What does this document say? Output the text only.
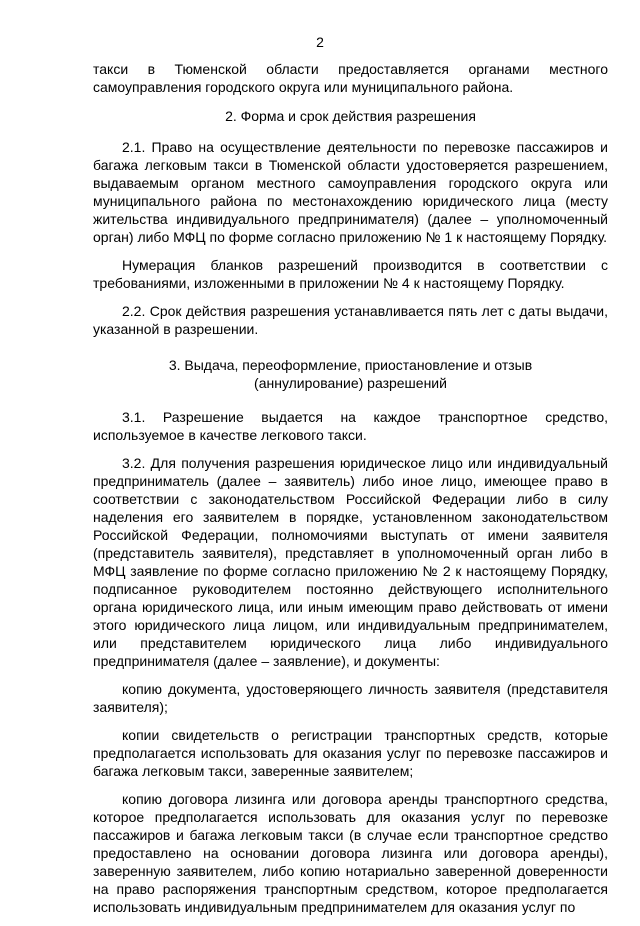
2

такси в Тюменской области предоставляется органами местного самоуправления городского округа или муниципального района.

2. Форма и срок действия разрешения

2.1. Право на осуществление деятельности по перевозке пассажиров и багажа легковым такси в Тюменской области удостоверяется разрешением, выдаваемым органом местного самоуправления городского округа или муниципального района по местонахождению юридического лица (месту жительства индивидуального предпринимателя) (далее – уполномоченный орган) либо МФЦ по форме согласно приложению № 1 к настоящему Порядку.

Нумерация бланков разрешений производится в соответствии с требованиями, изложенными в приложении № 4 к настоящему Порядку.

2.2. Срок действия разрешения устанавливается пять лет с даты выдачи, указанной в разрешении.

3. Выдача, переоформление, приостановление и отзыв
(аннулирование) разрешений

3.1. Разрешение выдается на каждое транспортное средство, используемое в качестве легкового такси.

3.2. Для получения разрешения юридическое лицо или индивидуальный предприниматель (далее – заявитель) либо иное лицо, имеющее право в соответствии с законодательством Российской Федерации либо в силу наделения его заявителем в порядке, установленном законодательством Российской Федерации, полномочиями выступать от имени заявителя (представитель заявителя), представляет в уполномоченный орган либо в МФЦ заявление по форме согласно приложению № 2 к настоящему Порядку, подписанное руководителем постоянно действующего исполнительного органа юридического лица, или иным имеющим право действовать от имени этого юридического лица лицом, или индивидуальным предпринимателем, или представителем юридического лица либо индивидуального предпринимателя (далее – заявление), и документы:

копию документа, удостоверяющего личность заявителя (представителя заявителя);

копии свидетельств о регистрации транспортных средств, которые предполагается использовать для оказания услуг по перевозке пассажиров и багажа легковым такси, заверенные заявителем;

копию договора лизинга или договора аренды транспортного средства, которое предполагается использовать для оказания услуг по перевозке пассажиров и багажа легковым такси (в случае если транспортное средство предоставлено на основании договора лизинга или договора аренды), заверенную заявителем, либо копию нотариально заверенной доверенности на право распоряжения транспортным средством, которое предполагается использовать индивидуальным предпринимателем для оказания услуг по
